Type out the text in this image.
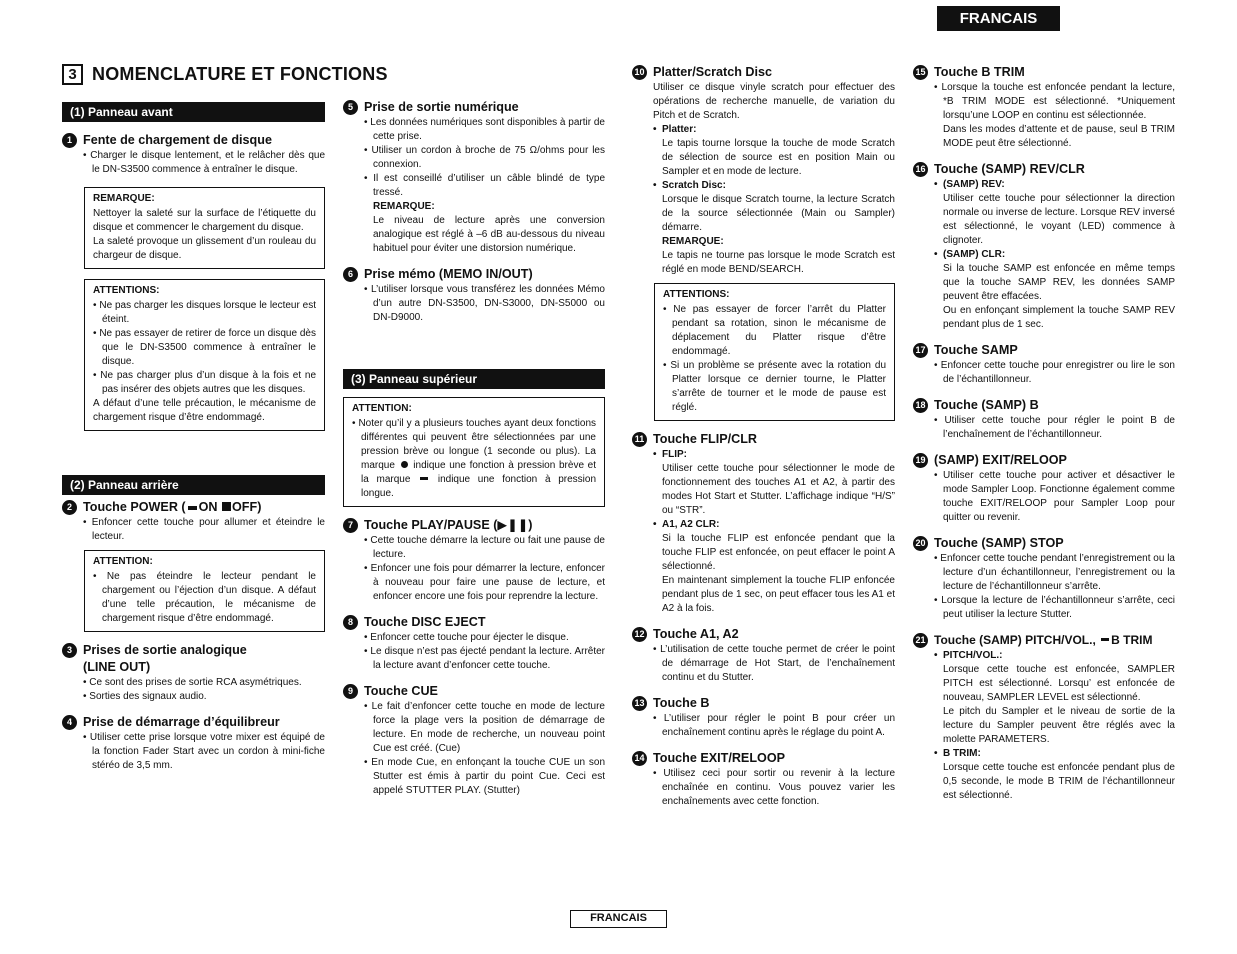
FRANCAIS
3 NOMENCLATURE ET FONCTIONS
(1) Panneau avant
1 Fente de chargement de disque
• Charger le disque lentement, et le relâcher dès que le DN-S3500 commence à entraîner le disque.
REMARQUE:
Nettoyer la saleté sur la surface de l’étiquette du disque et commencer le chargement du disque.
La saleté provoque un glissement d’un rouleau du chargeur de disque.
ATTENTIONS:
• Ne pas charger les disques lorsque le lecteur est éteint.
• Ne pas essayer de retirer de force un disque dès que le DN-S3500 commence à entraîner le disque.
• Ne pas charger plus d’un disque à la fois et ne pas insérer des objets autres que les disques.
A défaut d’une telle précaution, le mécanisme de chargement risque d’être endommagé.
(2) Panneau arrière
2 Touche POWER ( ON OFF)
• Enfoncer cette touche pour allumer et éteindre le lecteur.
ATTENTION:
• Ne pas éteindre le lecteur pendant le chargement ou l’éjection d’un disque. A défaut d’une telle précaution, le mécanisme de chargement risque d’être endommagé.
3 Prises de sortie analogique
(LINE OUT)
• Ce sont des prises de sortie RCA asymétriques.
• Sorties des signaux audio.
4 Prise de démarrage d’équilibreur
• Utiliser cette prise lorsque votre mixer est équipé de la fonction Fader Start avec un cordon à mini-fiche stéréo de 3,5 mm.
5 Prise de sortie numérique
• Les données numériques sont disponibles à partir de cette prise.
• Utiliser un cordon à broche de 75 Ω/ohms pour les connexion.
• Il est conseillé d’utiliser un câble blindé de type tressé.
REMARQUE:
Le niveau de lecture après une conversion analogique est réglé à –6 dB au-dessous du niveau habituel pour éviter une distorsion numérique.
6 Prise mémo (MEMO IN/OUT)
• L’utiliser lorsque vous transférez les données Mémo d’un autre DN-S3500, DN-S3000, DN-S5000 ou DN-D9000.
(3) Panneau supérieur
ATTENTION:
• Noter qu’il y a plusieurs touches ayant deux fonctions différentes qui peuvent être sélectionnées par une pression brève ou longue (1 seconde ou plus). La marque indique une fonction à pression brève et la marque	indique une fonction à pression longue.
7 Touche PLAY/PAUSE (▶❚❚)
• Cette touche démarre la lecture ou fait une pause de lecture.
• Enfoncer une fois pour démarrer la lecture, enfoncer à nouveau pour faire une pause de lecture, et enfoncer encore une fois pour reprendre la lecture.
8 Touche DISC EJECT
• Enfoncer cette touche pour éjecter le disque.
• Le disque n’est pas éjecté pendant la lecture. Arrêter la lecture avant d’enfoncer cette touche.
9 Touche CUE
• Le fait d’enfoncer cette touche en mode de lecture force la plage vers la position de démarrage de lecture. En mode de recherche, un nouveau point Cue est créé. (Cue)
• En mode Cue, en enfonçant la touche CUE un son Stutter est émis à partir du point Cue. Ceci est appelé STUTTER PLAY. (Stutter)
10 Platter/Scratch Disc
Utiliser ce disque vinyle scratch pour effectuer des opérations de recherche manuelle, de variation du Pitch et de Scratch.
• Platter:
Le tapis tourne lorsque la touche de mode Scratch de sélection de source est en position Main ou Sampler et en mode de lecture.
• Scratch Disc:
Lorsque le disque Scratch tourne, la lecture Scratch de la source sélectionnée (Main ou Sampler) démarre.
REMARQUE:
Le tapis ne tourne pas lorsque le mode Scratch est réglé en mode BEND/SEARCH.
ATTENTIONS:
• Ne pas essayer de forcer l’arrêt du Platter pendant sa rotation, sinon le mécanisme de déplacement du Platter risque d’être endommagé.
• Si un problème se présente avec la rotation du Platter lorsque ce dernier tourne, le Platter s’arrête de tourner et le mode de pause est réglé.
11 Touche FLIP/CLR
• FLIP:
Utiliser cette touche pour sélectionner le mode de fonctionnement des touches A1 et A2, à partir des modes Hot Start et Stutter. L’affichage indique “H/S” ou “STR”.
• A1, A2 CLR:
Si la touche FLIP est enfoncée pendant que la touche FLIP est enfoncée, on peut effacer le point A sélectionné.
En maintenant simplement la touche FLIP enfoncée pendant plus de 1 sec, on peut effacer tous les A1 et A2 à la fois.
12 Touche A1, A2
• L’utilisation de cette touche permet de créer le point de démarrage de Hot Start, de l’enchaînement continu et du Stutter.
13 Touche B
• L’utiliser pour régler le point B pour créer un enchaînement continu après le réglage du point A.
14 Touche EXIT/RELOOP
• Utilisez ceci pour sortir ou revenir à la lecture enchaînée en continu. Vous pouvez varier les enchaînements avec cette fonction.
15 Touche B TRIM
• Lorsque la touche est enfoncée pendant la lecture, *B TRIM MODE est sélectionné. *Uniquement lorsqu’une LOOP en continu est sélectionnée.
Dans les modes d’attente et de pause, seul B TRIM MODE peut être sélectionné.
16 Touche (SAMP) REV/CLR
• (SAMP) REV:
Utiliser cette touche pour sélectionner la direction normale ou inverse de lecture. Lorsque REV inversé est sélectionné, le voyant (LED) commence à clignoter.
• (SAMP) CLR:
Si la touche SAMP est enfoncée en même temps que la touche SAMP REV, les données SAMP peuvent être effacées.
Ou en enfonçant simplement la touche SAMP REV pendant plus de 1 sec.
17 Touche SAMP
• Enfoncer cette touche pour enregistrer ou lire le son de l’échantillonneur.
18 Touche (SAMP) B
• Utiliser cette touche pour régler le point B de l’enchaînement de l’échantillonneur.
19 (SAMP) EXIT/RELOOP
• Utiliser cette touche pour activer et désactiver le mode Sampler Loop. Fonctionne également comme touche EXIT/RELOOP pour Sampler Loop pour quitter ou revenir.
20 Touche (SAMP) STOP
• Enfoncer cette touche pendant l’enregistrement ou la lecture d’un échantillonneur, l’enregistrement ou la lecture de l’échantillonneur s’arrête.
• Lorsque la lecture de l’échantillonneur s’arrête, ceci peut utiliser la lecture Stutter.
21 Touche (SAMP) PITCH/VOL., B TRIM
• PITCH/VOL.:
Lorsque cette touche est enfoncée, SAMPLER PITCH est sélectionné. Lorsqu’ est enfoncée de nouveau, SAMPLER LEVEL est sélectionné.
Le pitch du Sampler et le niveau de sortie de la lecture du Sampler peuvent être réglés avec la molette PARAMETERS.
• B TRIM:
Lorsque cette touche est enfoncée pendant plus de 0,5 seconde, le mode B TRIM de l’échantillonneur est sélectionné.
FRANCAIS
